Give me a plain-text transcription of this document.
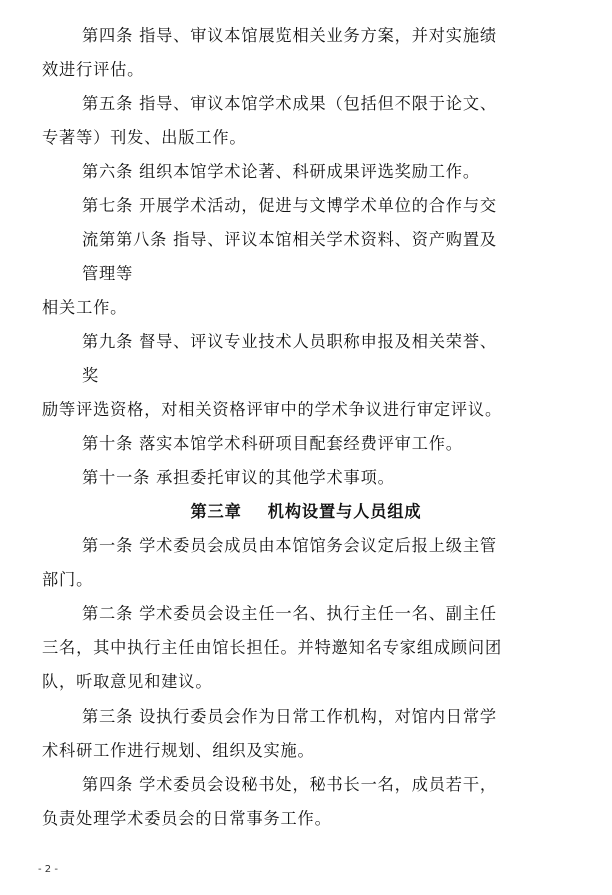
第四条 指导、审议本馆展览相关业务方案，并对实施绩
效进行评估。
第五条 指导、审议本馆学术成果（包括但不限于论文、
专著等）刊发、出版工作。
第六条 组织本馆学术论著、科研成果评选奖励工作。
第七条 开展学术活动，促进与文博学术单位的合作与交
流第第八条 指导、评议本馆相关学术资料、资产购置及
管理等
相关工作。
第九条 督导、评议专业技术人员职称申报及相关荣誉、
奖
励等评选资格，对相关资格评审中的学术争议进行审定评议。
第十条 落实本馆学术科研项目配套经费评审工作。
第十一条 承担委托审议的其他学术事项。
第三章 机构设置与人员组成
第一条 学术委员会成员由本馆馆务会议定后报上级主管
部门。
第二条 学术委员会设主任一名、执行主任一名、副主任
三名，其中执行主任由馆长担任。并特邀知名专家组成顾问团
队，听取意见和建议。
第三条 设执行委员会作为日常工作机构，对馆内日常学
术科研工作进行规划、组织及实施。
第四条 学术委员会设秘书处，秘书长一名，成员若干，
负责处理学术委员会的日常事务工作。
- 2 -
